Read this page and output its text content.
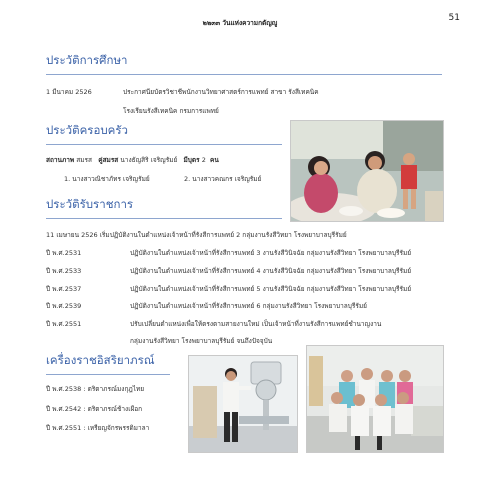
๒๒๓๓ วันแห่งความกตัญญู	51
ประวัติการศึกษา
1 มีนาคม 2526	ประกาศนียบัตรวิชาชีพนักงานวิทยาศาสตร์การแพทย์ สาขา รังสีเทคนิค
โรงเรียนรังสีเทคนิค กรมการแพทย์
ประวัติครอบครัว
สถานภาพ สมรส คู่สมรส นางธัญสิริ เจริญรัมย์ มีบุตร 2 คน
1. นางสาวณิชาภัทร เจริญรัมย์	2. นางสาวคณกร เจริญรัมย์
ประวัติรับราชการ
11 เมษายน 2526 เริ่มปฏิบัติงานในตำแหน่งเจ้าหน้าที่รังสีการแพทย์ 2 กลุ่มงานรังสีวิทยา โรงพยาบาลบุรีรัมย์
ปี พ.ศ.2531	ปฏิบัติงานในตำแหน่งเจ้าหน้าที่รังสีการแพทย์ 3 งานรังสีวินิจฉัย กลุ่มงานรังสีวิทยา โรงพยาบาลบุรีรัมย์
ปี พ.ศ.2533	ปฏิบัติงานในตำแหน่งเจ้าหน้าที่รังสีการแพทย์ 4 งานรังสีวินิจฉัย กลุ่มงานรังสีวิทยา โรงพยาบาลบุรีรัมย์
ปี พ.ศ.2537	ปฏิบัติงานในตำแหน่งเจ้าหน้าที่รังสีการแพทย์ 5 งานรังสีวินิจฉัย กลุ่มงานรังสีวิทยา โรงพยาบาลบุรีรัมย์
ปี พ.ศ.2539	ปฏิบัติงานในตำแหน่งเจ้าหน้าที่รังสีการแพทย์ 6 กลุ่มงานรังสีวิทยา โรงพยาบาลบุรีรัมย์
ปี พ.ศ.2551	ปรับเปลี่ยนตำแหน่งเพื่อให้ตรงตามสายงานใหม่ เป็นเจ้าหน้าที่งานรังสีการแพทย์ชำนาญงาน
กลุ่มงานรังสีวิทยา โรงพยาบาลบุรีรัมย์ จนถึงปัจจุบัน
เครื่องราชอิสริยาภรณ์
ปี พ.ศ.2538 : ตริตาภรณ์มงกุฎไทย
ปี พ.ศ.2542 : ตริตาภรณ์ช้างเผือก
ปี พ.ศ.2551 : เหรียญจักรพรรดิมาลา
